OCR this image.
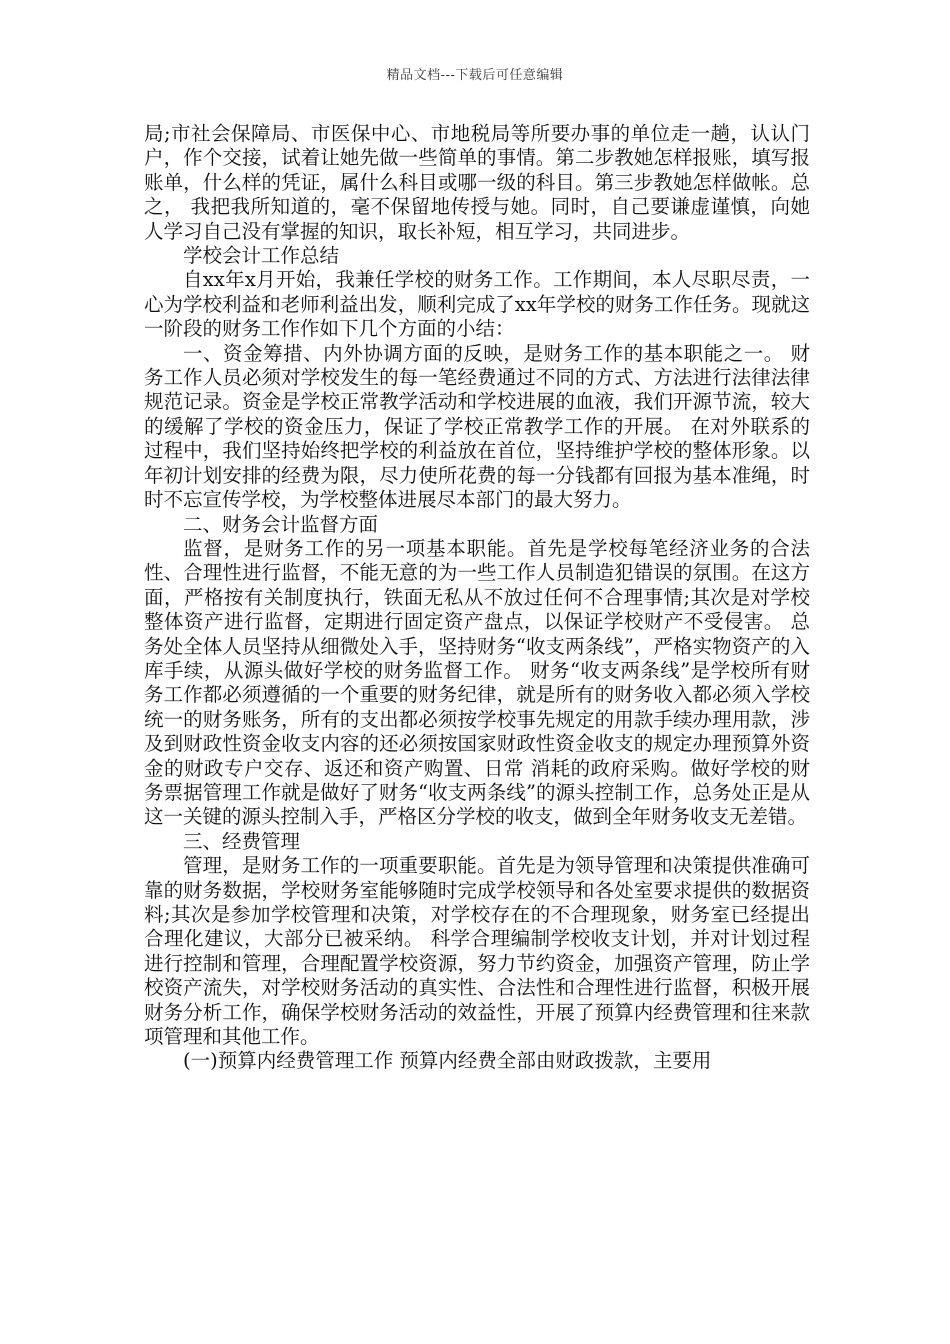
精品文档---下载后可任意编辑

局;市社会保障局、市医保中心、市地税局等所要办事的单位走一趟，认认门户，作个交接，试着让她先做一些简单的事情。第二步教她怎样报账，填写报账单，什么样的凭证，属什么科目或哪一级的科目。第三步教她怎样做帐。总之， 我把我所知道的，毫不保留地传授与她。同时，自己要谦虚谨慎，向她人学习自己没有掌握的知识，取长补短，相互学习，共同进步。

学校会计工作总结

自xx年x月开始，我兼任学校的财务工作。工作期间，本人尽职尽责，一心为学校利益和老师利益出发，顺利完成了xx年学校的财务工作任务。现就这一阶段的财务工作作如下几个方面的小结：

一、资金筹措、内外协调方面的反映，是财务工作的基本职能之一。 财务工作人员必须对学校发生的每一笔经费通过不同的方式、方法进行法律法律规范记录。资金是学校正常教学活动和学校进展的血液，我们开源节流，较大的缓解了学校的资金压力，保证了学校正常教学工作的开展。 在对外联系的过程中，我们坚持始终把学校的利益放在首位，坚持维护学校的整体形象。以年初计划安排的经费为限，尽力使所花费的每一分钱都有回报为基本准绳，时时不忘宣传学校，为学校整体进展尽本部门的最大努力。

二、财务会计监督方面

监督，是财务工作的另一项基本职能。首先是学校每笔经济业务的合法性、合理性进行监督，不能无意的为一些工作人员制造犯错误的氛围。在这方面，严格按有关制度执行，铁面无私从不放过任何不合理事情;其次是对学校整体资产进行监督，定期进行固定资产盘点，以保证学校财产不受侵害。 总务处全体人员坚持从细微处入手，坚持财务“收支两条线”，严格实物资产的入库手续，从源头做好学校的财务监督工作。 财务“收支两条线”是学校所有财务工作都必须遵循的一个重要的财务纪律，就是所有的财务收入都必须入学校统一的财务账务，所有的支出都必须按学校事先规定的用款手续办理用款，涉及到财政性资金收支内容的还必须按国家财政性资金收支的规定办理预算外资金的财政专户交存、返还和资产购置、日常 消耗的政府采购。做好学校的财务票据管理工作就是做好了财务“收支两条线”的源头控制工作，总务处正是从这一关键的源头控制入手，严格区分学校的收支，做到全年财务收支无差错。

三、经费管理

管理，是财务工作的一项重要职能。首先是为领导管理和决策提供准确可靠的财务数据，学校财务室能够随时完成学校领导和各处室要求提供的数据资料;其次是参加学校管理和决策，对学校存在的不合理现象，财务室已经提出合理化建议，大部分已被采纳。 科学合理编制学校收支计划，并对计划过程进行控制和管理，合理配置学校资源，努力节约资金，加强资产管理，防止学校资产流失，对学校财务活动的真实性、合法性和合理性进行监督，积极开展财务分析工作，确保学校财务活动的效益性，开展了预算内经费管理和往来款项管理和其他工作。

(一)预算内经费管理工作 预算内经费全部由财政拨款，主要用
